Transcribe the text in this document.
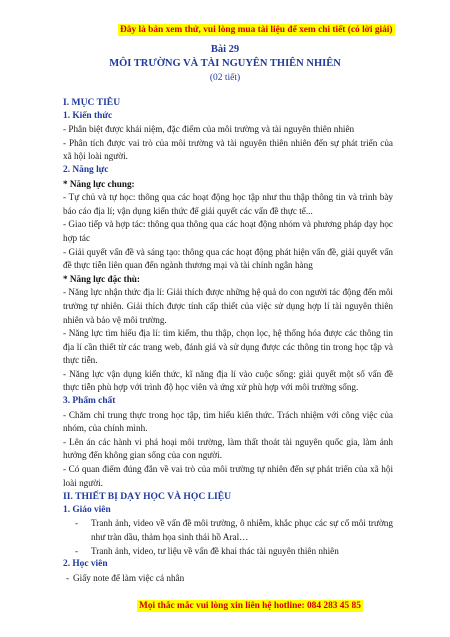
Đây là bản xem thử, vui lòng mua tài liệu để xem chi tiết (có lời giải)
Bài 29
MÔI TRƯỜNG VÀ TÀI NGUYÊN THIÊN NHIÊN
(02 tiết)
I. MỤC TIÊU
1. Kiến thức
- Phân biệt được khái niệm, đặc điểm của môi trường và tài nguyên thiên nhiên
- Phân tích được vai trò của môi trường và tài nguyên thiên nhiên đến sự phát triển của xã hội loài người.
2. Năng lực
* Năng lực chung:
- Tự chủ và tự học: thông qua các hoạt động học tập như thu thập thông tin và trình bày báo cáo địa lí; vận dụng kiến thức để giải quyết các vấn đề thực tế...
- Giao tiếp và hợp tác: thông qua thông qua các hoạt động nhóm và phương pháp dạy học hợp tác
- Giải quyết vấn đề và sáng tạo: thông qua các hoạt động phát hiện vấn đề, giải quyết vấn đề thực tiễn liên quan đến ngành thương mại và tài chính ngân hàng
* Năng lực đặc thù:
- Năng lực nhận thức địa lí: Giải thích được những hệ quả do con người tác động đến môi trường tự nhiên. Giải thích được tính cấp thiết của việc sử dụng hợp lí tài nguyên thiên nhiên và bảo vệ môi trường.
- Năng lực tìm hiểu địa lí: tìm kiếm, thu thập, chọn lọc, hệ thống hóa được các thông tin địa lí cần thiết từ các trang web, đánh giá và sử dụng được các thông tin trong học tập và thực tiễn.
- Năng lực vận dụng kiến thức, kĩ năng địa lí vào cuộc sống: giải quyết một số vấn đề thực tiễn phù hợp với trình độ học viên và ứng xử phù hợp với môi trường sống.
3. Phẩm chất
- Chăm chỉ trung thực trong học tập, tìm hiểu kiến thức. Trách nhiệm với công việc của nhóm, của chính mình.
- Lên án các hành vi phá hoại môi trường, làm thất thoát tài nguyên quốc gia, làm ảnh hưởng đến không gian sống của con người.
- Có quan điểm đúng đắn về vai trò của môi trường tự nhiên đến sự phát triển của xã hội loài người.
II. THIẾT BỊ DẠY HỌC VÀ HỌC LIỆU
1. Giáo viên
- Tranh ảnh, video về vấn đề môi trường, ô nhiễm, khắc phục các sự cố môi trường như tràn dầu, thảm họa sinh thái hồ Aral…
- Tranh ảnh, video, tư liệu về vấn đề khai thác tài nguyên thiên nhiên
2. Học viên
- Giấy note để làm việc cá nhân
Mọi thắc mắc vui lòng xin liên hệ hotline: 084 283 45 85
